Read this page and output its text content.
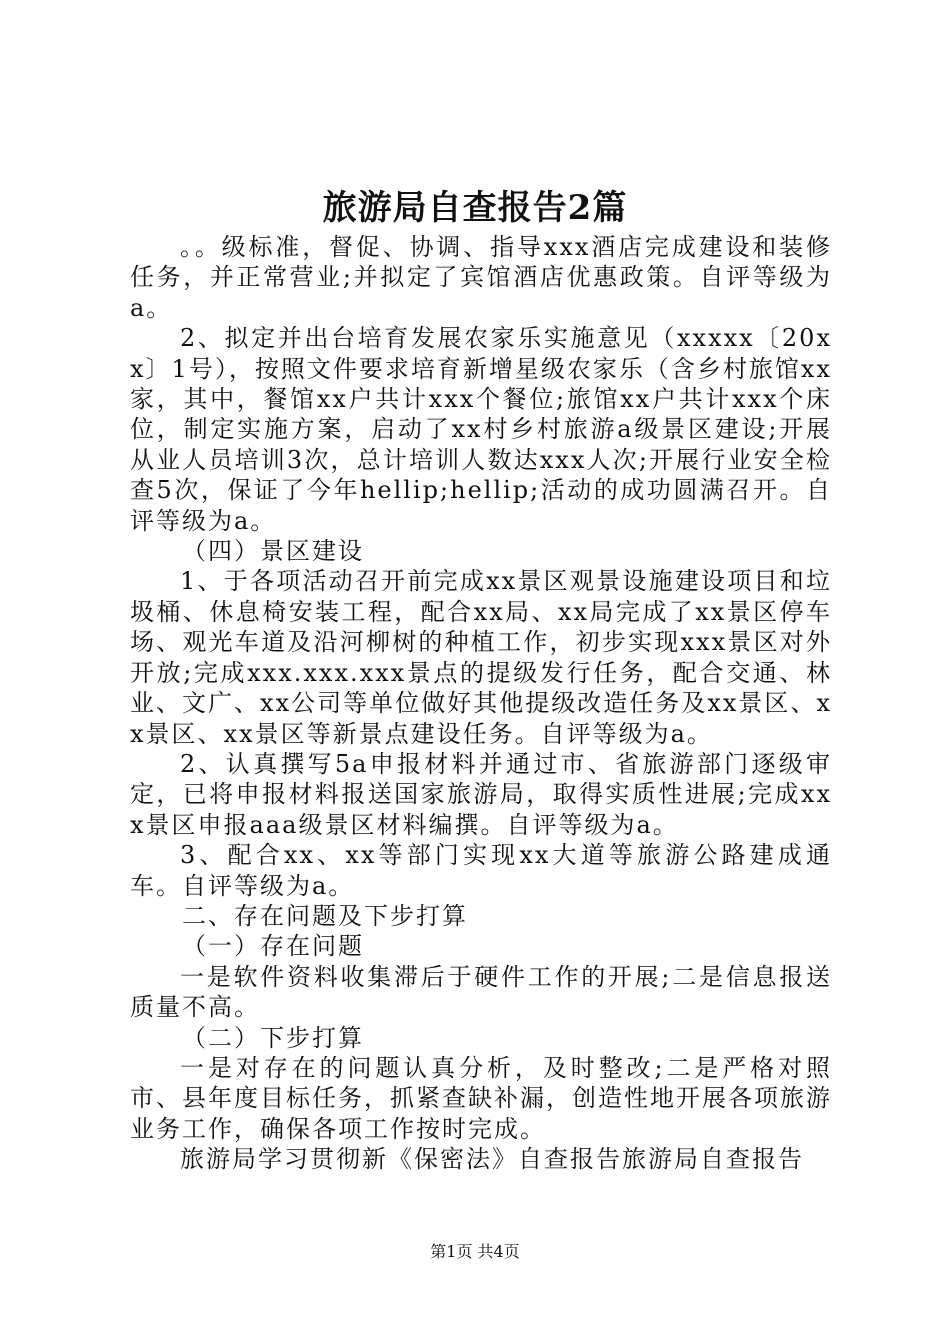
旅游局自查报告2篇

。。级标准，督促、协调、指导xxx酒店完成建设和装修任务，并正常营业;并拟定了宾馆酒店优惠政策。自评等级为a。

2、拟定并出台培育发展农家乐实施意见（xxxxx〔20xx〕1号），按照文件要求培育新增星级农家乐（含乡村旅馆xx家，其中，餐馆xx户共计xxx个餐位;旅馆xx户共计xxx个床位，制定实施方案，启动了xx村乡村旅游a级景区建设;开展从业人员培训3次，总计培训人数达xxx人次;开展行业安全检查5次，保证了今年hellip;hellip;活动的成功圆满召开。自评等级为a。

（四）景区建设

1、于各项活动召开前完成xx景区观景设施建设项目和垃圾桶、休息椅安装工程，配合xx局、xx局完成了xx景区停车场、观光车道及沿河柳树的种植工作，初步实现xxx景区对外开放;完成xxx.xxx.xxx景点的提级发行任务，配合交通、林业、文广、xx公司等单位做好其他提级改造任务及xx景区、xx景区、xx景区等新景点建设任务。自评等级为a。

2、认真撰写5a申报材料并通过市、省旅游部门逐级审定，已将申报材料报送国家旅游局，取得实质性进展;完成xxx景区申报aaa级景区材料编撰。自评等级为a。

3、配合xx、xx等部门实现xx大道等旅游公路建成通车。自评等级为a。

二、存在问题及下步打算

（一）存在问题

一是软件资料收集滞后于硬件工作的开展;二是信息报送质量不高。

（二）下步打算

一是对存在的问题认真分析，及时整改;二是严格对照市、县年度目标任务，抓紧查缺补漏，创造性地开展各项旅游业务工作，确保各项工作按时完成。

旅游局学习贯彻新《保密法》自查报告旅游局自查报告

第1页 共4页
